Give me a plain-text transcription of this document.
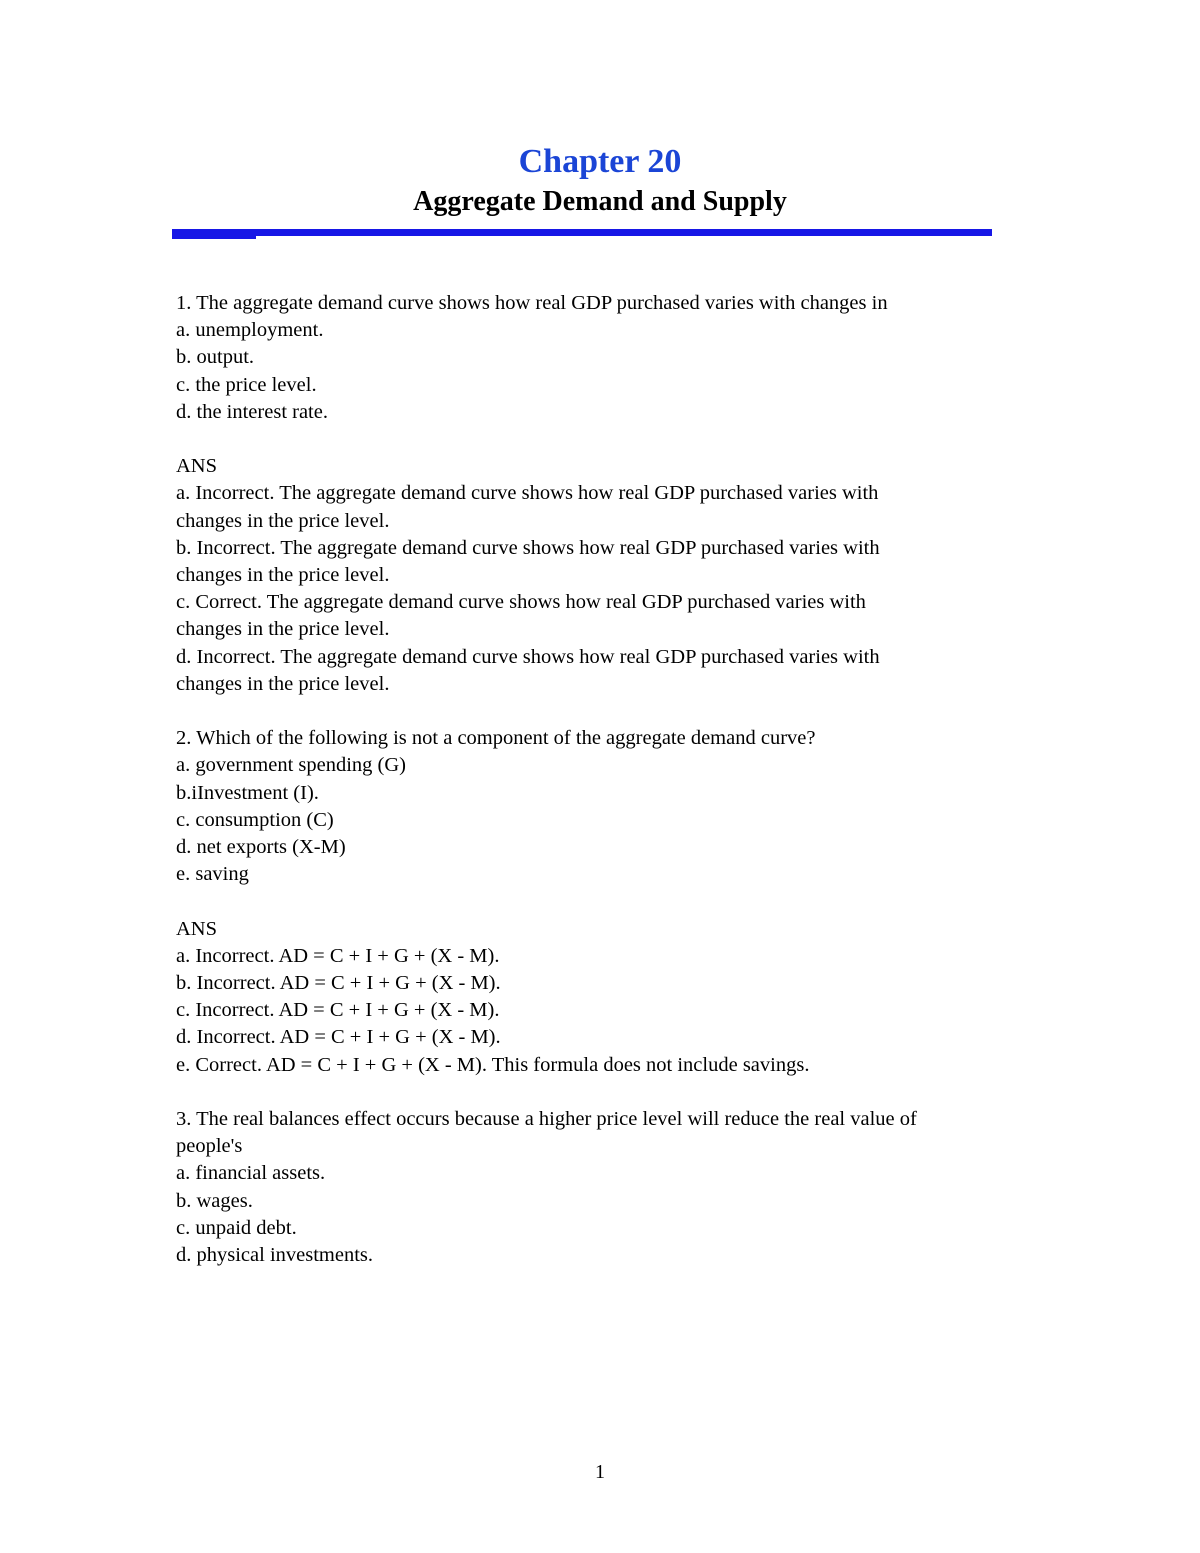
Chapter 20
Aggregate Demand and Supply
1. The aggregate demand curve shows how real GDP purchased varies with changes in
a. unemployment.
b. output.
c. the price level.
d. the interest rate.
ANS
a. Incorrect. The aggregate demand curve shows how real GDP purchased varies with
changes in the price level.
b. Incorrect. The aggregate demand curve shows how real GDP purchased varies with
changes in the price level.
c. Correct. The aggregate demand curve shows how real GDP purchased varies with
changes in the price level.
d. Incorrect. The aggregate demand curve shows how real GDP purchased varies with
changes in the price level.
2. Which of the following is not a component of the aggregate demand curve?
a. government spending (G)
b.iInvestment (I).
c. consumption (C)
d. net exports (X-M)
e. saving
ANS
a. Incorrect. AD = C + I + G + (X - M).
b. Incorrect. AD = C + I + G + (X - M).
c. Incorrect. AD = C + I + G + (X - M).
d. Incorrect. AD = C + I + G + (X - M).
e. Correct. AD = C + I + G + (X - M). This formula does not include savings.
3. The real balances effect occurs because a higher price level will reduce the real value of
people's
a. financial assets.
b. wages.
c. unpaid debt.
d. physical investments.
1
